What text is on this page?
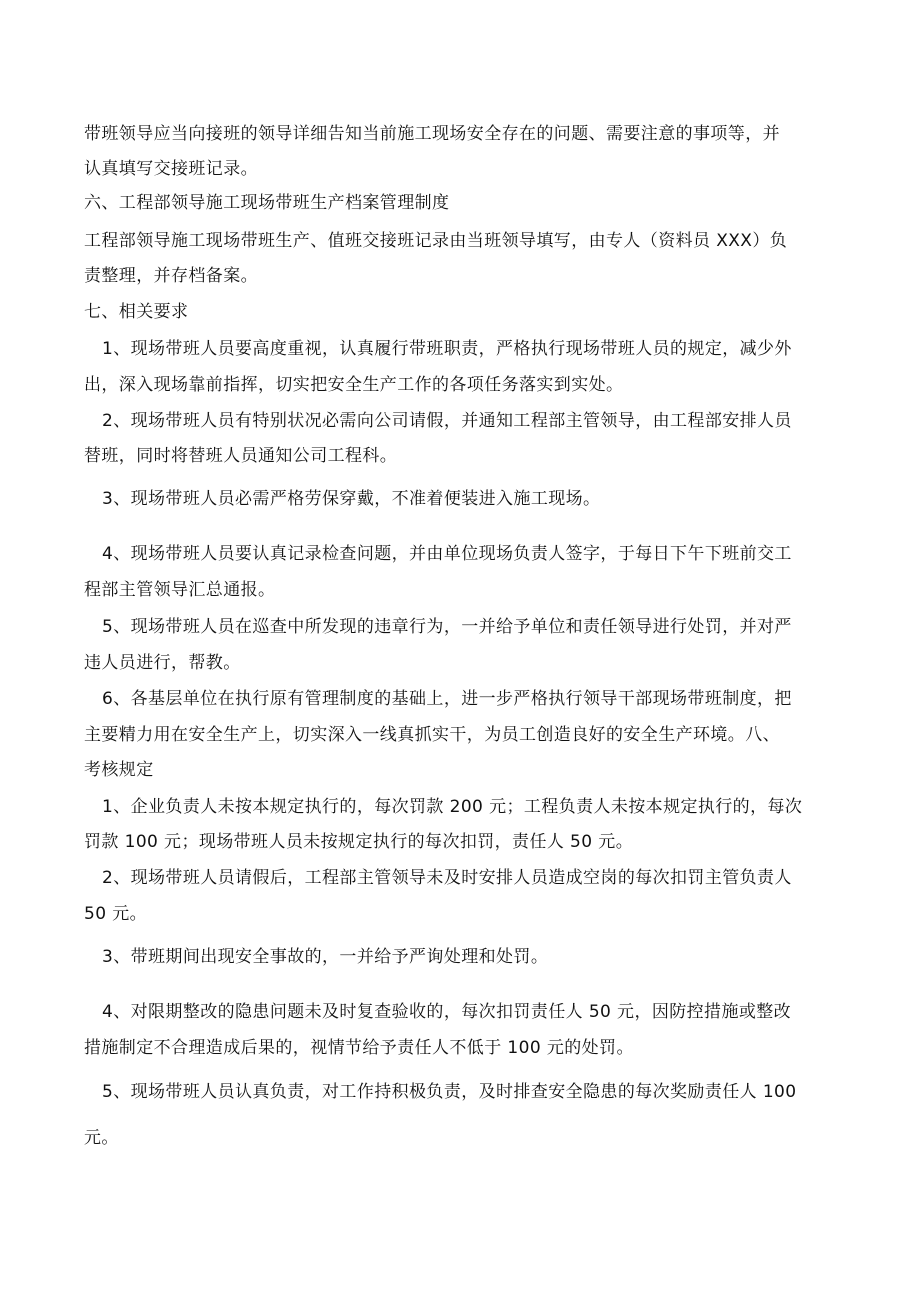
带班领导应当向接班的领导详细告知当前施工现场安全存在的问题、需要注意的事项等，并
认真填写交接班记录。
六、工程部领导施工现场带班生产档案管理制度
工程部领导施工现场带班生产、值班交接班记录由当班领导填写，由专人（资料员 XXX）负
责整理，并存档备案。
七、相关要求
1、现场带班人员要高度重视，认真履行带班职责，严格执行现场带班人员的规定，减少外
出，深入现场靠前指挥，切实把安全生产工作的各项任务落实到实处。
2、现场带班人员有特别状况必需向公司请假，并通知工程部主管领导，由工程部安排人员
替班，同时将替班人员通知公司工程科。
3、现场带班人员必需严格劳保穿戴，不准着便装进入施工现场。
4、现场带班人员要认真记录检查问题，并由单位现场负责人签字，于每日下午下班前交工
程部主管领导汇总通报。
5、现场带班人员在巡查中所发现的违章行为，一并给予单位和责任领导进行处罚，并对严
违人员进行，帮教。
6、各基层单位在执行原有管理制度的基础上，进一步严格执行领导干部现场带班制度，把
主要精力用在安全生产上，切实深入一线真抓实干，为员工创造良好的安全生产环境。八、
考核规定
1、企业负责人未按本规定执行的，每次罚款 200 元；工程负责人未按本规定执行的，每次
罚款 100 元；现场带班人员未按规定执行的每次扣罚，责任人 50 元。
2、现场带班人员请假后，工程部主管领导未及时安排人员造成空岗的每次扣罚主管负责人
50 元。
3、带班期间出现安全事故的，一并给予严询处理和处罚。
4、对限期整改的隐患问题未及时复查验收的，每次扣罚责任人 50 元，因防控措施或整改
措施制定不合理造成后果的，视情节给予责任人不低于 100 元的处罚。
5、现场带班人员认真负责，对工作持积极负责，及时排查安全隐患的每次奖励责任人 100
元。
